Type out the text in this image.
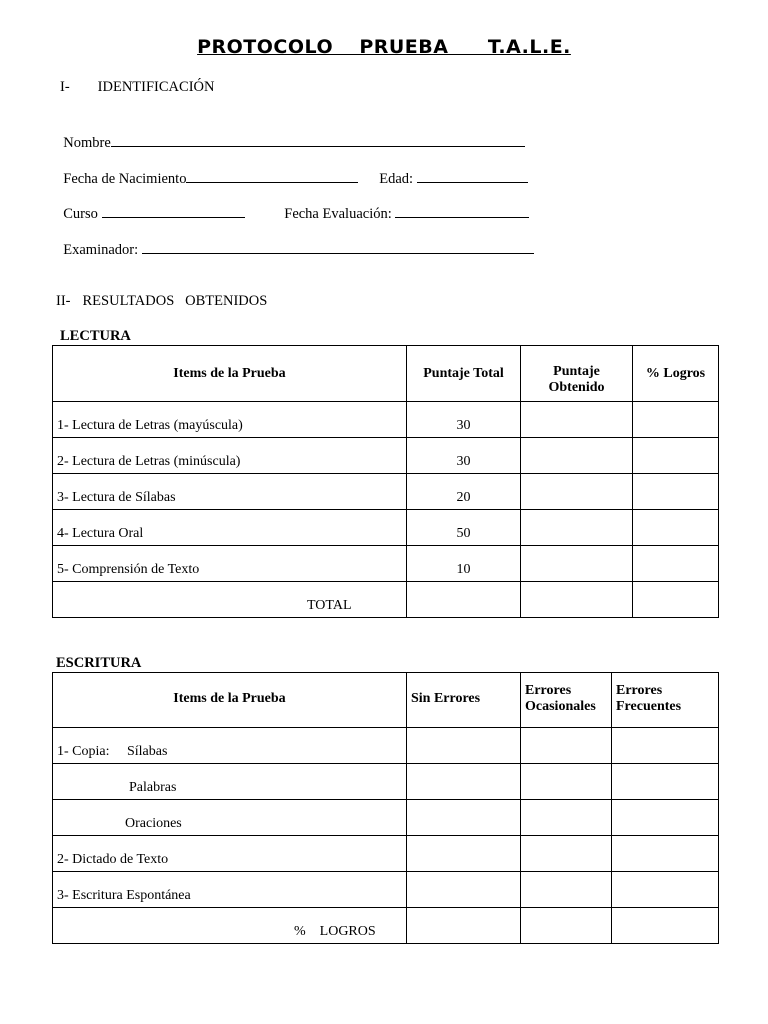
PROTOCOLO  PRUEBA   T.A.L.E.
I- IDENTIFICACIÓN

Nombre

Fecha de Nacimiento	Edad:

Curso	Fecha Evaluación:

Examinador:

II- RESULTADOS   OBTENIDOS
LECTURA
Items de la Prueba	Puntaje Total	Puntaje Obtenido	% Logros

1- Lectura de Letras (mayúscula)	30		

2- Lectura de Letras (minúscula)	30		

3- Lectura de Sílabas	20		

4- Lectura Oral	50		

5- Comprensión de Texto	10		

TOTAL			

ESCRITURA
Items de la Prueba	Sin Errores	Errores Ocasionales	Errores Frecuentes

1- Copia:     Sílabas			

Palabras			

Oraciones			

2- Dictado de Texto			

3- Escritura Espontánea			

%    LOGROS			
